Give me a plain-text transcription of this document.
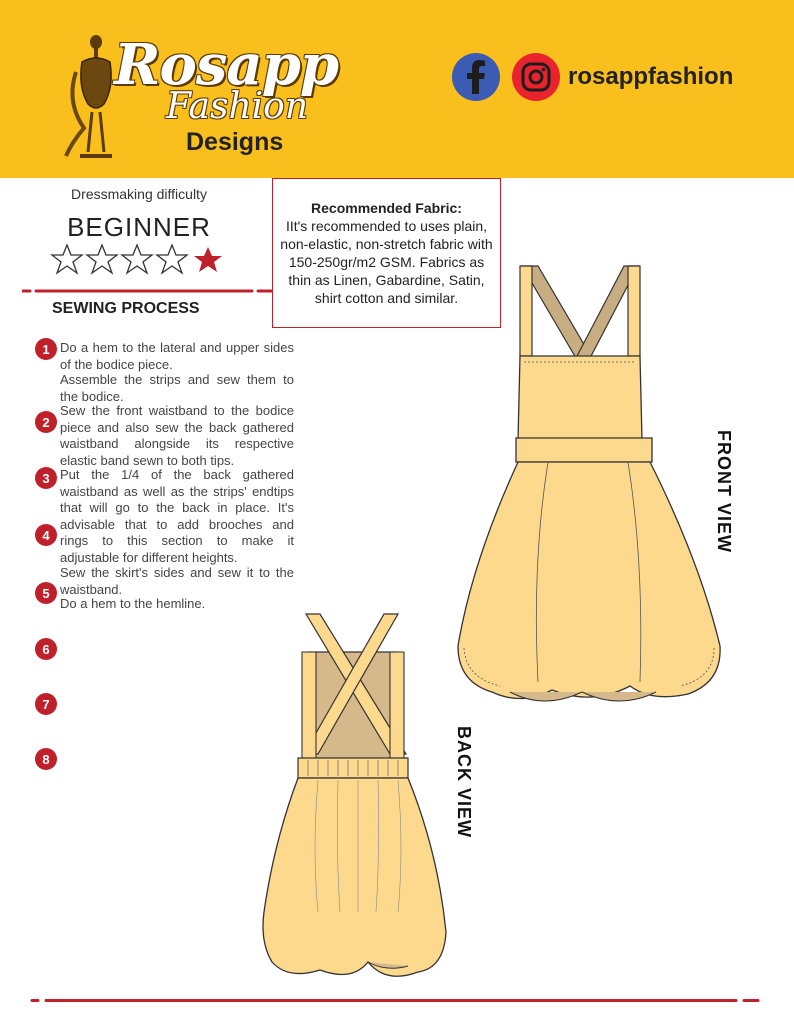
Rosapp
Fashion
Designs
rosappfashion
Dressmaking difficulty
BEGINNER
SEWING PROCESS
Recommended Fabric:
IIt's recommended to uses plain, non-elastic, non-stretch fabric with 150-250gr/m2 GSM. Fabrics as thin as Linen, Gabardine, Satin, shirt cotton and similar.
1
2
3
4
5
6
7
8
Do a hem to the lateral and upper sides of the bodice piece.
Assemble the strips and sew them to the bodice.
Sew the front waistband to the bodice piece and also sew the back gathered waistband alongside its respective elastic band sewn to both tips.
Put the 1/4 of the back gathered waistband as well as the strips' endtips that will go to the back in place. It's advisable that to add brooches and rings to this section to make it adjustable for different heights.
Sew the skirt's sides and sew it to the waistband.
Do a hem to the hemline.
FRONT VIEW
BACK VIEW
